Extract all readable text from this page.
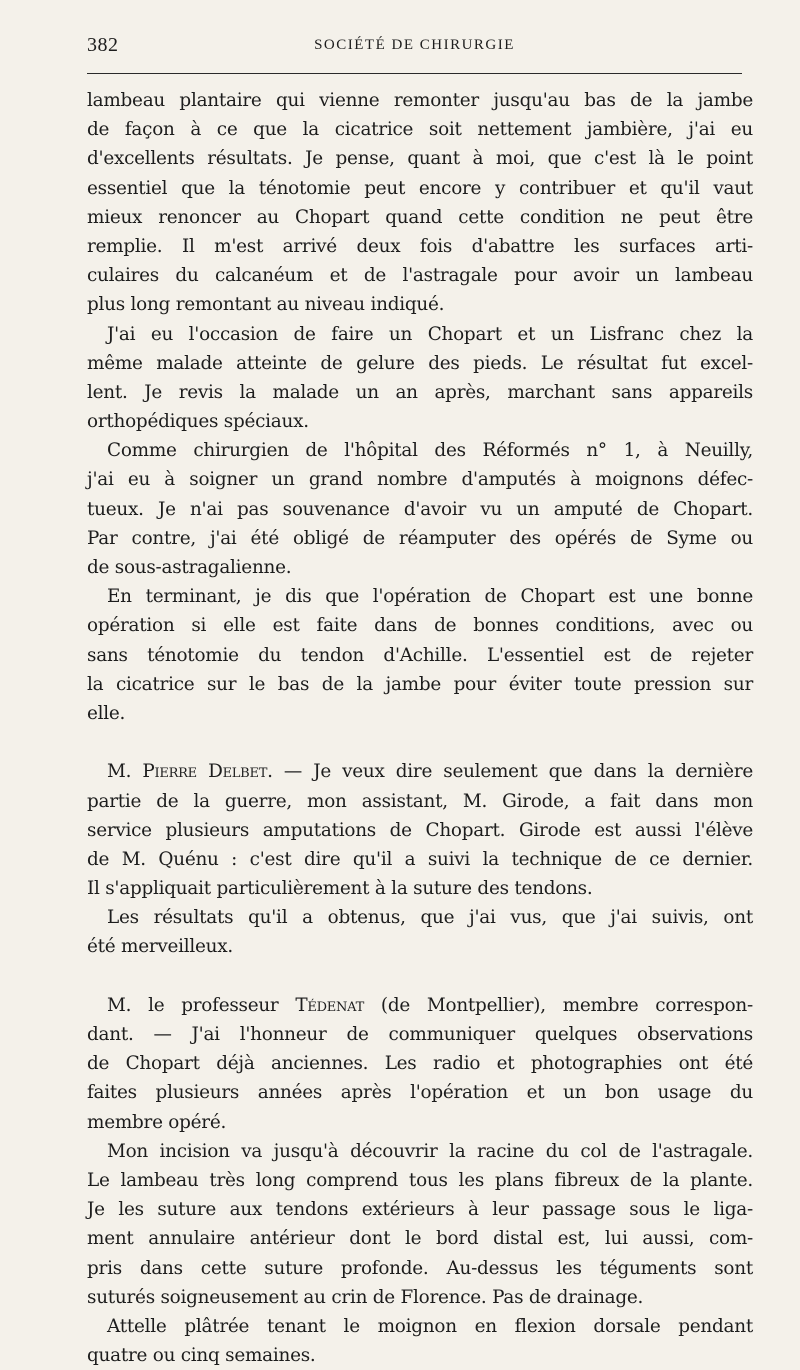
382	SOCIÉTÉ DE CHIRURGIE
lambeau plantaire qui vienne remonter jusqu'au bas de la jambe
de façon à ce que la cicatrice soit nettement jambière, j'ai eu
d'excellents résultats. Je pense, quant à moi, que c'est là le point
essentiel que la ténotomie peut encore y contribuer et qu'il vaut
mieux renoncer au Chopart quand cette condition ne peut être
remplie. Il m'est arrivé deux fois d'abattre les surfaces arti-
culaires du calcanéum et de l'astragale pour avoir un lambeau
plus long remontant au niveau indiqué.
J'ai eu l'occasion de faire un Chopart et un Lisfranc chez la
même malade atteinte de gelure des pieds. Le résultat fut excel-
lent. Je revis la malade un an après, marchant sans appareils
orthopédiques spéciaux.
Comme chirurgien de l'hôpital des Réformés n° 1, à Neuilly,
j'ai eu à soigner un grand nombre d'amputés à moignons défec-
tueux. Je n'ai pas souvenance d'avoir vu un amputé de Chopart.
Par contre, j'ai été obligé de réamputer des opérés de Syme ou
de sous-astragalienne.
En terminant, je dis que l'opération de Chopart est une bonne
opération si elle est faite dans de bonnes conditions, avec ou
sans ténotomie du tendon d'Achille. L'essentiel est de rejeter
la cicatrice sur le bas de la jambe pour éviter toute pression sur
elle.
M. Pierre Delbet. — Je veux dire seulement que dans la dernière
partie de la guerre, mon assistant, M. Girode, a fait dans mon
service plusieurs amputations de Chopart. Girode est aussi l'élève
de M. Quénu : c'est dire qu'il a suivi la technique de ce dernier.
Il s'appliquait particulièrement à la suture des tendons.
Les résultats qu'il a obtenus, que j'ai vus, que j'ai suivis, ont
été merveilleux.
M. le professeur Tédenat (de Montpellier), membre correspon-
dant. — J'ai l'honneur de communiquer quelques observations
de Chopart déjà anciennes. Les radio et photographies ont été
faites plusieurs années après l'opération et un bon usage du
membre opéré.
Mon incision va jusqu'à découvrir la racine du col de l'astragale.
Le lambeau très long comprend tous les plans fibreux de la plante.
Je les suture aux tendons extérieurs à leur passage sous le liga-
ment annulaire antérieur dont le bord distal est, lui aussi, com-
pris dans cette suture profonde. Au-dessus les téguments sont
suturés soigneusement au crin de Florence. Pas de drainage.
Attelle plâtrée tenant le moignon en flexion dorsale pendant
quatre ou cinq semaines.
